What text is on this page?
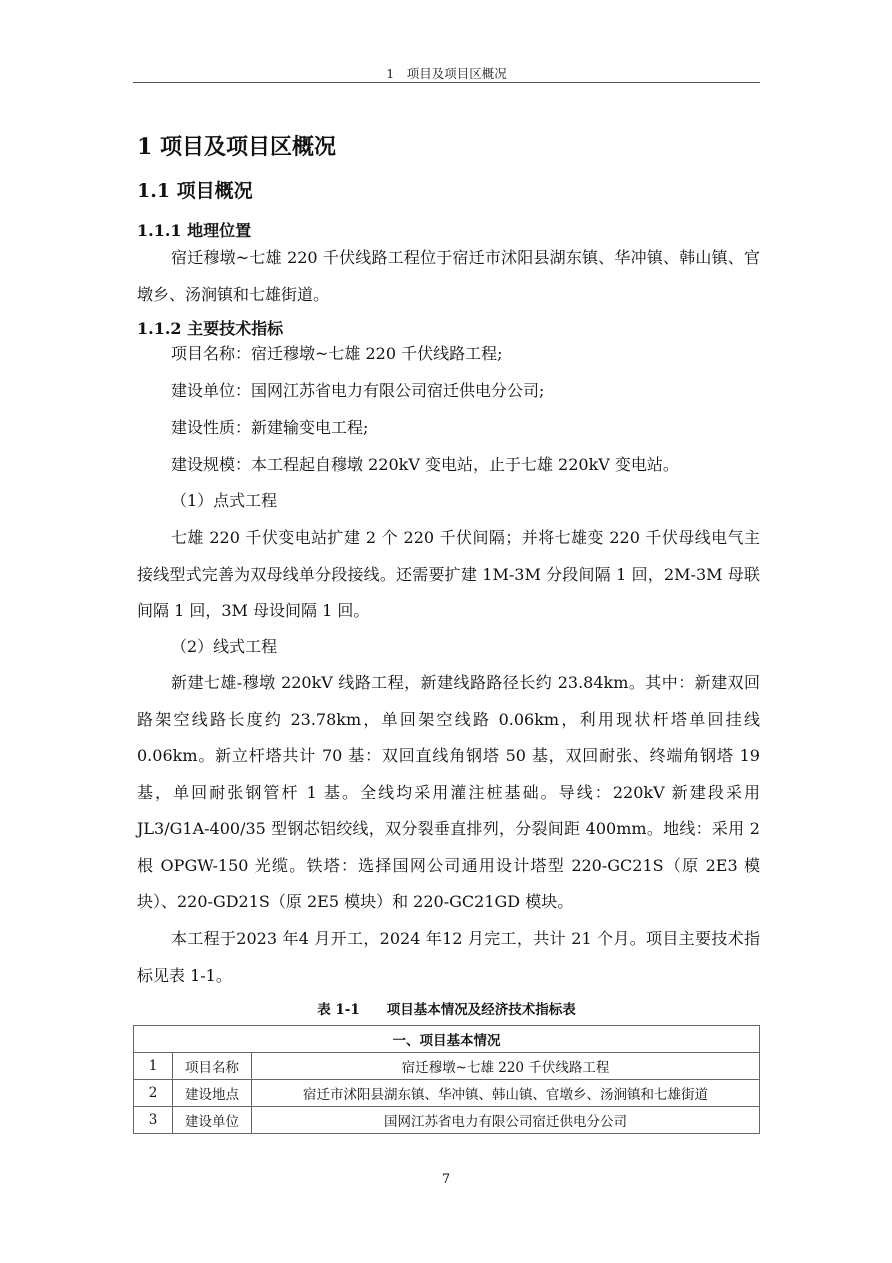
1　项目及项目区概况
1 项目及项目区概况
1.1 项目概况
1.1.1 地理位置

宿迁穆墩~七雄 220 千伏线路工程位于宿迁市沭阳县湖东镇、华冲镇、韩山镇、官墩乡、汤涧镇和七雄街道。

1.1.2 主要技术指标

项目名称：宿迁穆墩~七雄 220 千伏线路工程;

建设单位：国网江苏省电力有限公司宿迁供电分公司;

建设性质：新建输变电工程;

建设规模：本工程起自穆墩 220kV 变电站，止于七雄 220kV 变电站。

（1）点式工程

七雄 220 千伏变电站扩建 2 个 220 千伏间隔；并将七雄变 220 千伏母线电气主接线型式完善为双母线单分段接线。还需要扩建 1M-3M 分段间隔 1 回，2M-3M 母联间隔 1 回，3M 母设间隔 1 回。

（2）线式工程

新建七雄-穆墩 220kV 线路工程，新建线路路径长约 23.84km。其中：新建双回路架空线路长度约 23.78km，单回架空线路 0.06km，利用现状杆塔单回挂线 0.06km。新立杆塔共计 70 基：双回直线角钢塔 50 基，双回耐张、终端角钢塔 19 基，单回耐张钢管杆 1 基。全线均采用灌注桩基础。导线：220kV 新建段采用 JL3/G1A-400/35 型钢芯铝绞线，双分裂垂直排列，分裂间距 400mm。地线：采用 2 根 OPGW-150 光缆。铁塔：选择国网公司通用设计塔型 220-GC21S（原 2E3 模块）、220-GD21S（原 2E5 模块）和 220-GC21GD 模块。

本工程于2023 年4 月开工，2024 年12 月完工，共计 21 个月。项目主要技术指标见表 1-1。

表 1-1　　项目基本情况及经济技术指标表
一、项目基本情况		
1	项目名称	宿迁穆墩~七雄 220 千伏线路工程
2	建设地点	宿迁市沭阳县湖东镇、华冲镇、韩山镇、官墩乡、汤涧镇和七雄街道
3	建设单位	国网江苏省电力有限公司宿迁供电分公司
7
